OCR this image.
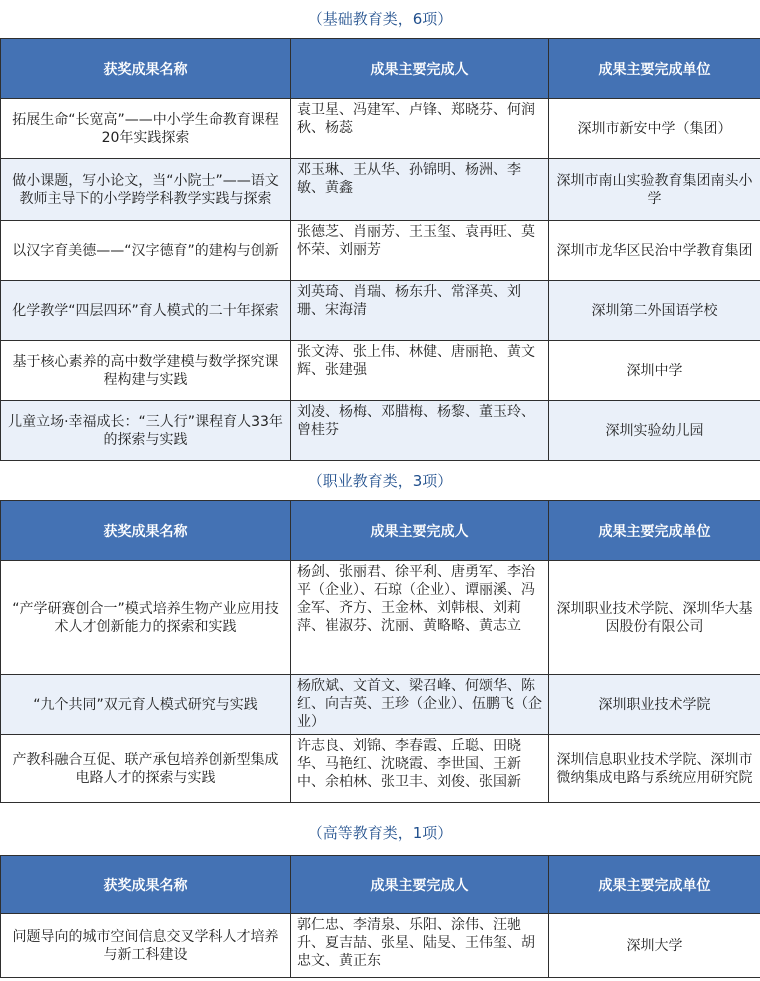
（基础教育类，6项）
获奖成果名称	成果主要完成人	成果主要完成单位
拓展生命“长宽高”——中小学生命教育课程20年实践探索	袁卫星、冯建军、卢锋、郑晓芬、何润秋、杨蕊	深圳市新安中学（集团）
做小课题，写小论文，当“小院士”——语文教师主导下的小学跨学科教学实践与探索	邓玉琳、王从华、孙锦明、杨洲、李敏、黄鑫	深圳市南山实验教育集团南头小学
以汉字育美德——“汉字德育”的建构与创新	张德芝、肖丽芳、王玉玺、袁再旺、莫怀荣、刘丽芳	深圳市龙华区民治中学教育集团
化学教学“四层四环”育人模式的二十年探索	刘英琦、肖瑞、杨东升、常泽英、刘珊、宋海清	深圳第二外国语学校
基于核心素养的高中数学建模与数学探究课程构建与实践	张文涛、张上伟、林健、唐丽艳、黄文辉、张建强	深圳中学
儿童立场·幸福成长：“三人行”课程育人33年的探索与实践	刘凌、杨梅、邓腊梅、杨黎、董玉玲、曾桂芬	深圳实验幼儿园
（职业教育类，3项）
获奖成果名称	成果主要完成人	成果主要完成单位
“产学研赛创合一”模式培养生物产业应用技术人才创新能力的探索和实践	杨剑、张丽君、徐平利、唐勇军、李治平（企业）、石琼（企业）、谭丽溪、冯金军、齐方、王金林、刘韩根、刘莉萍、崔淑芬、沈丽、黄略略、黄志立	深圳职业技术学院、深圳华大基因股份有限公司
“九个共同”双元育人模式研究与实践	杨欣斌、文首文、梁召峰、何颂华、陈红、向吉英、王珍（企业）、伍鹏飞（企业）	深圳职业技术学院
产教科融合互促、联产承包培养创新型集成电路人才的探索与实践	许志良、刘锦、李春霞、丘聪、田晓华、马艳红、沈晓霞、李世国、王新中、余柏林、张卫丰、刘俊、张国新	深圳信息职业技术学院、深圳市微纳集成电路与系统应用研究院
（高等教育类，1项）
获奖成果名称	成果主要完成人	成果主要完成单位
问题导向的城市空间信息交叉学科人才培养与新工科建设	郭仁忠、李清泉、乐阳、涂伟、汪驰升、夏吉喆、张星、陆旻、王伟玺、胡忠文、黄正东	深圳大学
